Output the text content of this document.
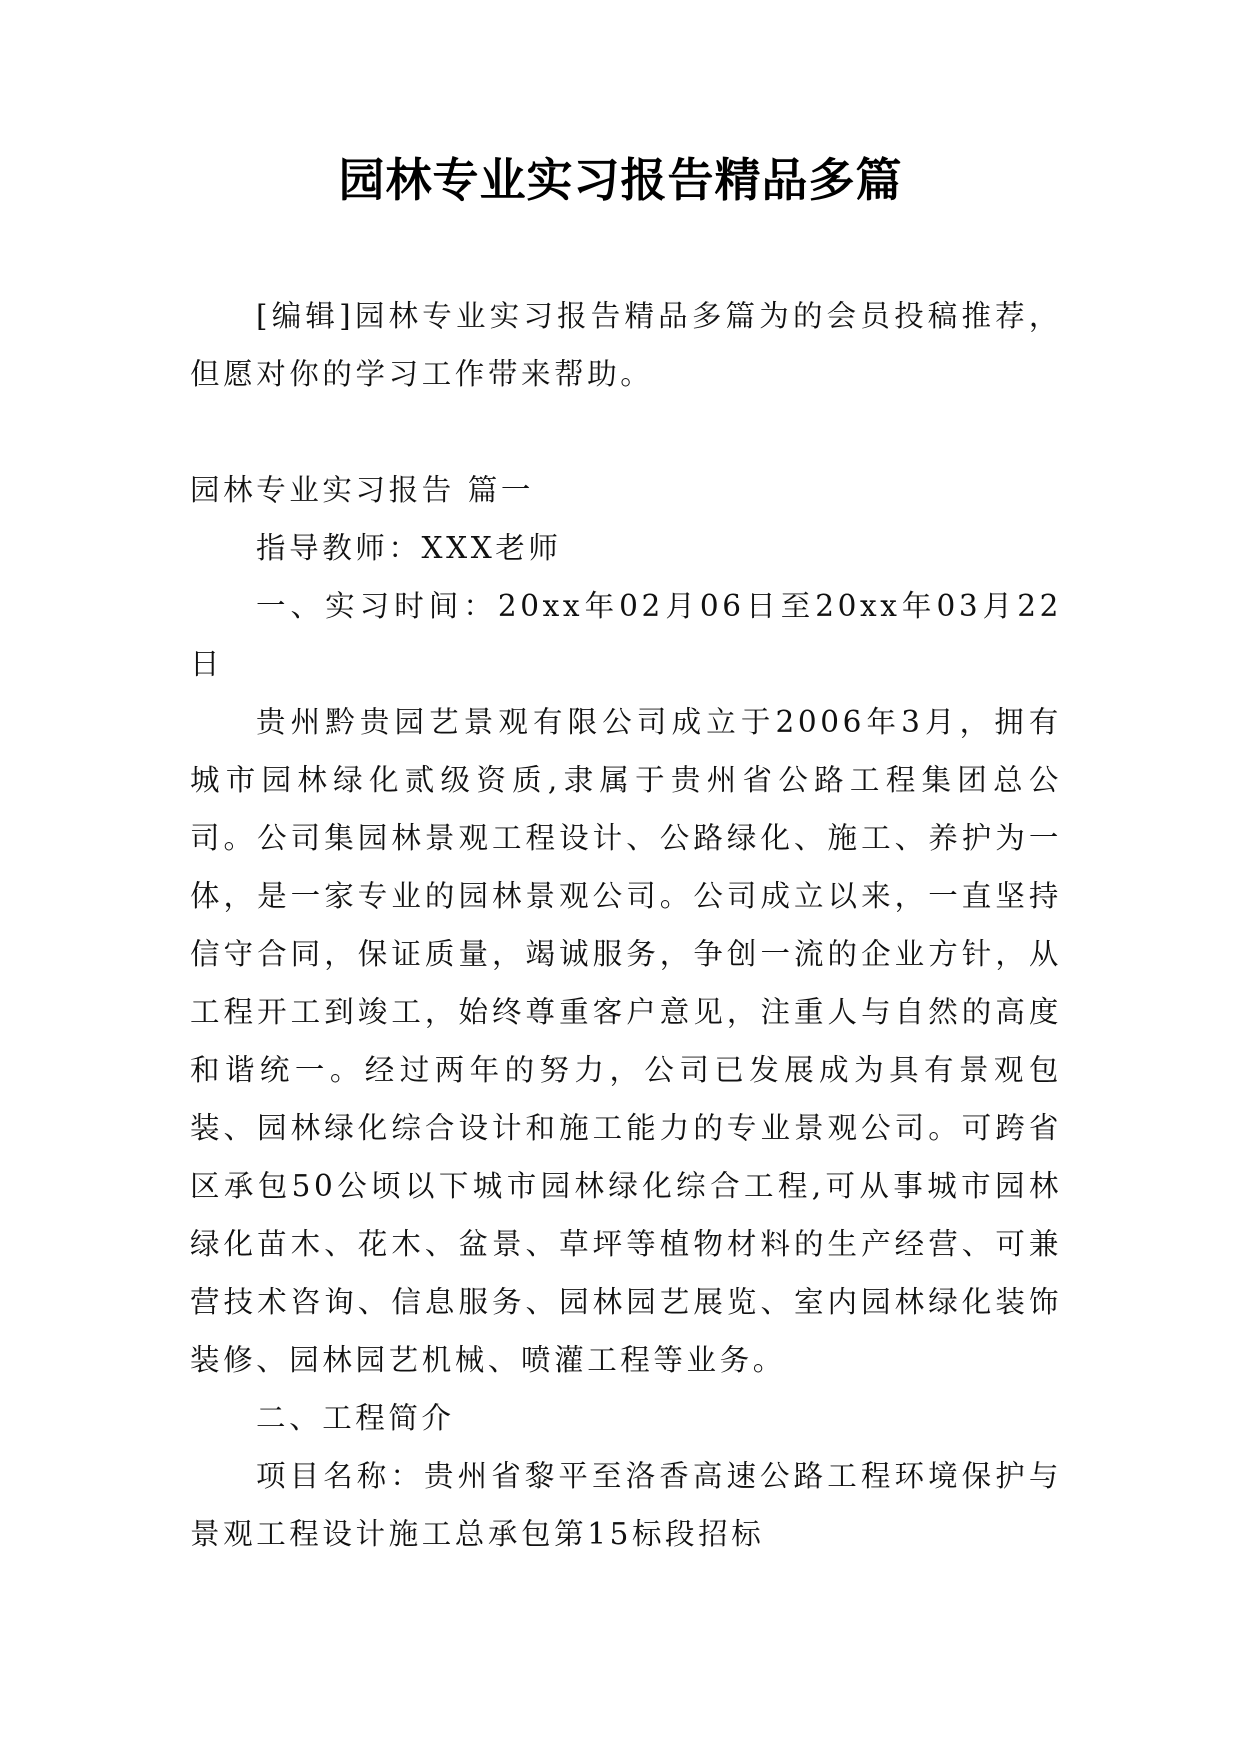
园林专业实习报告精品多篇

[编辑]园林专业实习报告精品多篇为的会员投稿推荐，但愿对你的学习工作带来帮助。

园林专业实习报告 篇一

指导教师：XXX老师

一、实习时间：20xx年02月06日至20xx年03月22日

贵州黔贵园艺景观有限公司成立于2006年3月，拥有城市园林绿化贰级资质,隶属于贵州省公路工程集团总公司。公司集园林景观工程设计、公路绿化、施工、养护为一体，是一家专业的园林景观公司。公司成立以来，一直坚持信守合同，保证质量，竭诚服务，争创一流的企业方针，从工程开工到竣工，始终尊重客户意见，注重人与自然的高度和谐统一。经过两年的努力，公司已发展成为具有景观包装、园林绿化综合设计和施工能力的专业景观公司。可跨省区承包50公顷以下城市园林绿化综合工程,可从事城市园林绿化苗木、花木、盆景、草坪等植物材料的生产经营、可兼营技术咨询、信息服务、园林园艺展览、室内园林绿化装饰装修、园林园艺机械、喷灌工程等业务。

二、工程简介

项目名称：贵州省黎平至洛香高速公路工程环境保护与景观工程设计施工总承包第15标段招标
